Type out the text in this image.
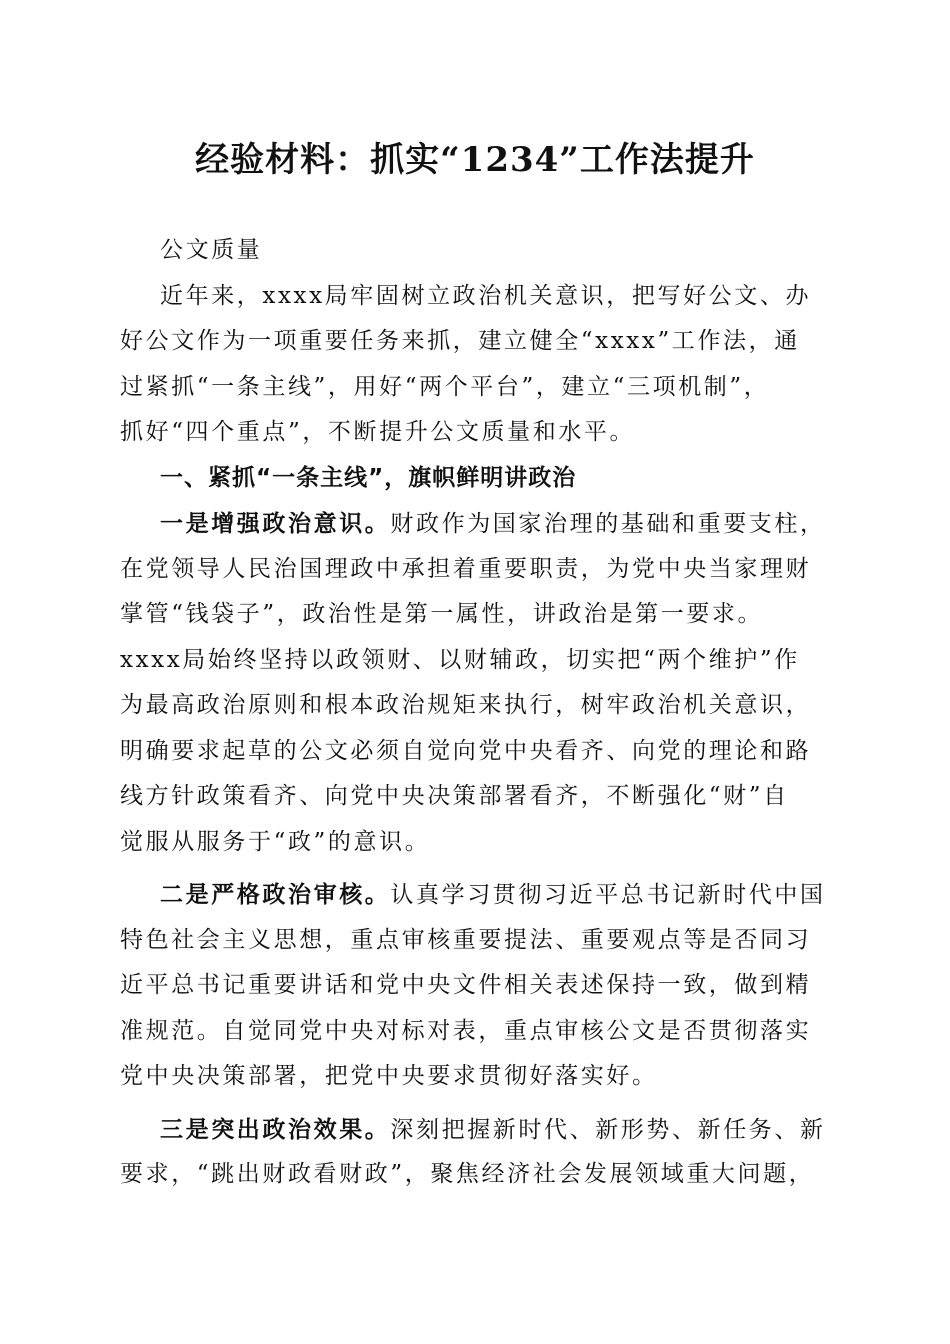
经验材料：抓实“1234”工作法提升
公文质量
近年来，xxxx局牢固树立政治机关意识，把写好公文、办
好公文作为一项重要任务来抓，建立健全“xxxx”工作法，通
过紧抓“一条主线”，用好“两个平台”，建立“三项机制”，
抓好“四个重点”，不断提升公文质量和水平。
一、紧抓“一条主线”，旗帜鲜明讲政治
一是增强政治意识。财政作为国家治理的基础和重要支柱，
在党领导人民治国理政中承担着重要职责，为党中央当家理财
掌管“钱袋子”，政治性是第一属性，讲政治是第一要求。
xxxx局始终坚持以政领财、以财辅政，切实把“两个维护”作
为最高政治原则和根本政治规矩来执行，树牢政治机关意识，
明确要求起草的公文必须自觉向党中央看齐、向党的理论和路
线方针政策看齐、向党中央决策部署看齐，不断强化“财”自
觉服从服务于“政”的意识。
二是严格政治审核。认真学习贯彻习近平总书记新时代中国
特色社会主义思想，重点审核重要提法、重要观点等是否同习
近平总书记重要讲话和党中央文件相关表述保持一致，做到精
准规范。自觉同党中央对标对表，重点审核公文是否贯彻落实
党中央决策部署，把党中央要求贯彻好落实好。
三是突出政治效果。深刻把握新时代、新形势、新任务、新
要求，“跳出财政看财政”，聚焦经济社会发展领域重大问题，
